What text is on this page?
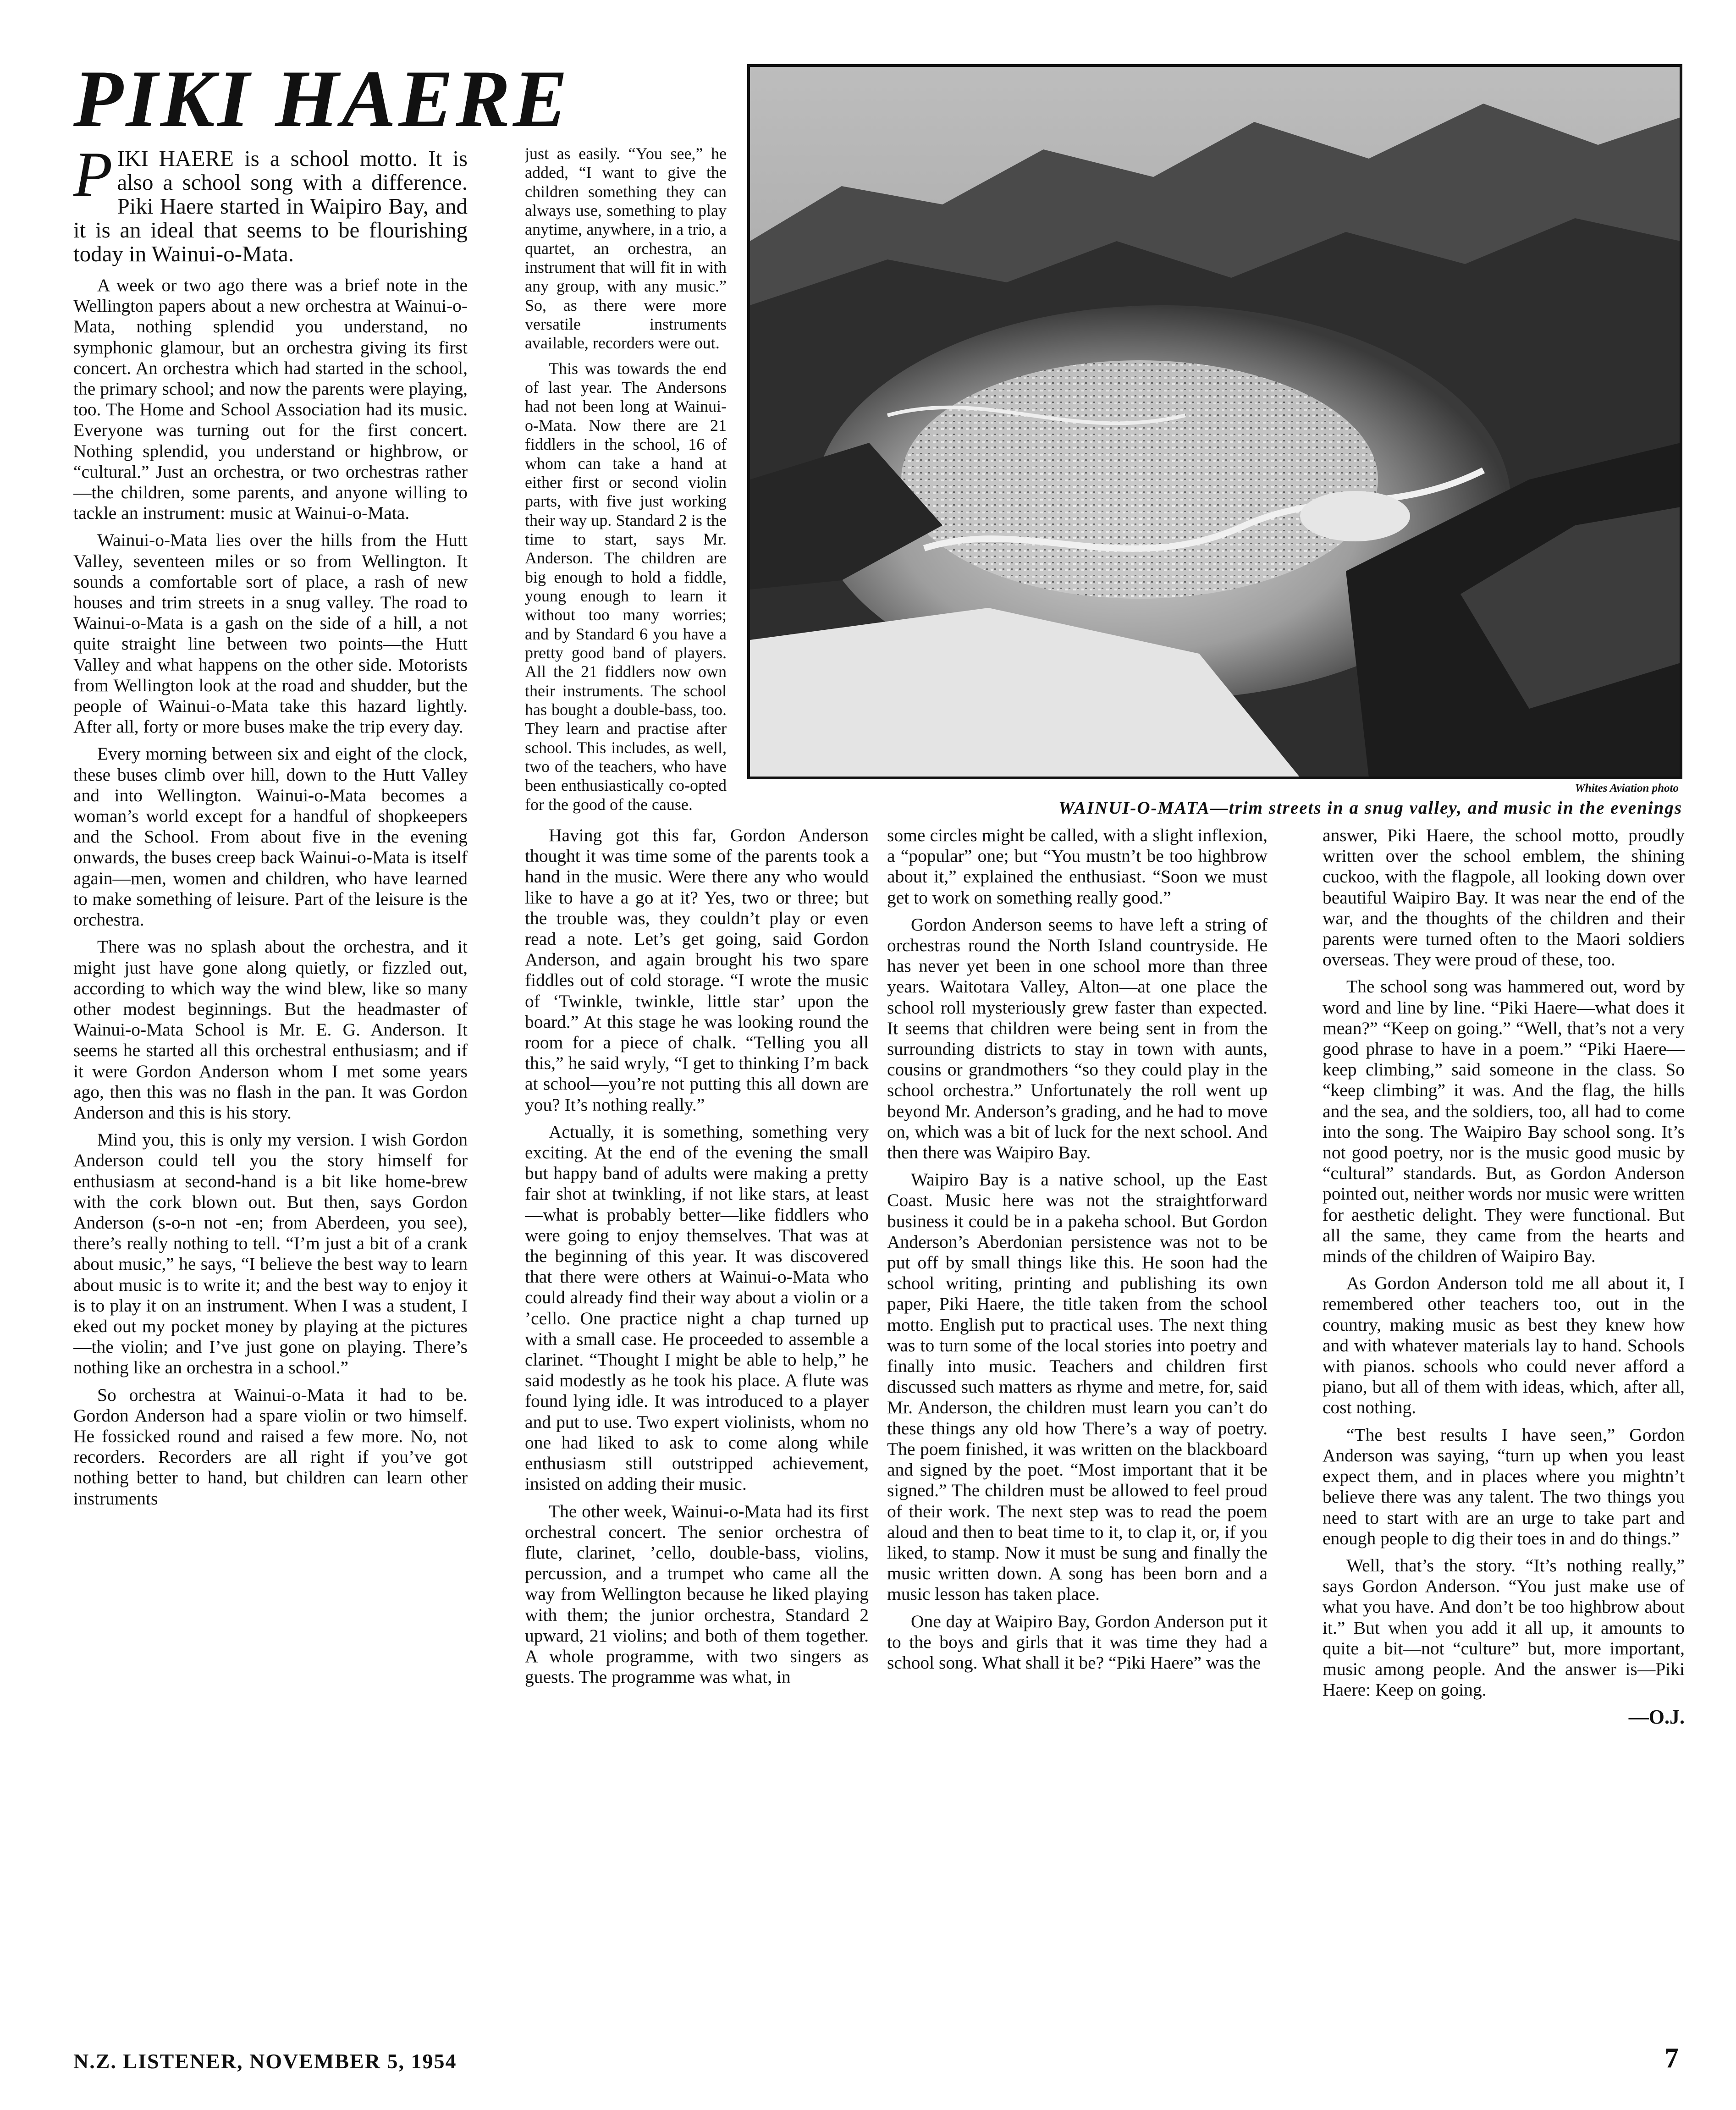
PIKI HAERE

PIKI HAERE is a school motto. It is also a school song with a difference. Piki Haere started in Waipiro Bay, and it is an ideal that seems to be flourishing today in Wainui-o-Mata.

A week or two ago there was a brief note in the Wellington papers about a new orchestra at Wainui-o-Mata, nothing splendid you understand, no symphonic glamour, but an orchestra giving its first concert. An orchestra which had started in the school, the primary school; and now the parents were playing, too. The Home and School Association had its music. Everyone was turning out for the first concert. Nothing splendid, you understand or highbrow, or “cultural.” Just an orchestra, or two orchestras rather—the children, some parents, and anyone willing to tackle an instrument: music at Wainui-o-Mata.

Wainui-o-Mata lies over the hills from the Hutt Valley, seventeen miles or so from Wellington. It sounds a comfortable sort of place, a rash of new houses and trim streets in a snug valley. The road to Wainui-o-Mata is a gash on the side of a hill, a not quite straight line between two points—the Hutt Valley and what happens on the other side. Motorists from Wellington look at the road and shudder, but the people of Wainui-o-Mata take this hazard lightly. After all, forty or more buses make the trip every day.

Every morning between six and eight of the clock, these buses climb over hill, down to the Hutt Valley and into Wellington. Wainui-o-Mata becomes a woman’s world except for a handful of shopkeepers and the School. From about five in the evening onwards, the buses creep back Wainui-o-Mata is itself again—men, women and children, who have learned to make something of leisure. Part of the leisure is the orchestra.

There was no splash about the orchestra, and it might just have gone along quietly, or fizzled out, according to which way the wind blew, like so many other modest beginnings. But the headmaster of Wainui-o-Mata School is Mr. E. G. Anderson. It seems he started all this orchestral enthusiasm; and if it were Gordon Anderson whom I met some years ago, then this was no flash in the pan. It was Gordon Anderson and this is his story.

Mind you, this is only my version. I wish Gordon Anderson could tell you the story himself for enthusiasm at second-hand is a bit like home-brew with the cork blown out. But then, says Gordon Anderson (s-o-n not -en; from Aberdeen, you see), there’s really nothing to tell. “I’m just a bit of a crank about music,” he says, “I believe the best way to learn about music is to write it; and the best way to enjoy it is to play it on an instrument. When I was a student, I eked out my pocket money by playing at the pictures—the violin; and I’ve just gone on playing. There’s nothing like an orchestra in a school.”

So orchestra at Wainui-o-Mata it had to be. Gordon Anderson had a spare violin or two himself. He fossicked round and raised a few more. No, not recorders. Recorders are all right if you’ve got nothing better to hand, but children can learn other instruments

just as easily. “You see,” he added, “I want to give the children something they can always use, something to play anytime, anywhere, in a trio, a quartet, an orchestra, an instrument that will fit in with any group, with any music.” So, as there were more versatile instruments available, recorders were out.

This was towards the end of last year. The Andersons had not been long at Wainui-o-Mata. Now there are 21 fiddlers in the school, 16 of whom can take a hand at either first or second violin parts, with five just working their way up. Standard 2 is the time to start, says Mr. Anderson. The children are big enough to hold a fiddle, young enough to learn it without too many worries; and by Standard 6 you have a pretty good band of players. All the 21 fiddlers now own their instruments. The school has bought a double-bass, too. They learn and practise after school. This includes, as well, two of the teachers, who have been enthusiastically co-opted for the good of the cause.

Having got this far, Gordon Anderson thought it was time some of the parents took a hand in the music. Were there any who would like to have a go at it? Yes, two or three; but the trouble was, they couldn’t play or even read a note. Let’s get going, said Gordon Anderson, and again brought his two spare fiddles out of cold storage. “I wrote the music of ‘Twinkle, twinkle, little star’ upon the board.” At this stage he was looking round the room for a piece of chalk. “Telling you all this,” he said wryly, “I get to thinking I’m back at school—you’re not putting this all down are you? It’s nothing really.”

Actually, it is something, something very exciting. At the end of the evening the small but happy band of adults were making a pretty fair shot at twinkling, if not like stars, at least—what is probably better—like fiddlers who were going to enjoy themselves. That was at the beginning of this year. It was discovered that there were others at Wainui-o-Mata who could already find their way about a violin or a ’cello. One practice night a chap turned up with a small case. He proceeded to assemble a clarinet. “Thought I might be able to help,” he said modestly as he took his place. A flute was found lying idle. It was introduced to a player and put to use. Two expert violinists, whom no one had liked to ask to come along while enthusiasm still outstripped achievement, insisted on adding their music.

The other week, Wainui-o-Mata had its first orchestral concert. The senior orchestra of flute, clarinet, ’cello, double-bass, violins, percussion, and a trumpet who came all the way from Wellington because he liked playing with them; the junior orchestra, Standard 2 upward, 21 violins; and both of them together. A whole programme, with two singers as guests. The programme was what, in

Whites Aviation photo
WAINUI-O-MATA—trim streets in a snug valley, and music in the evenings

some circles might be called, with a slight inflexion, a “popular” one; but “You mustn’t be too highbrow about it,” explained the enthusiast. “Soon we must get to work on something really good.”

Gordon Anderson seems to have left a string of orchestras round the North Island countryside. He has never yet been in one school more than three years. Waitotara Valley, Alton—at one place the school roll mysteriously grew faster than expected. It seems that children were being sent in from the surrounding districts to stay in town with aunts, cousins or grandmothers “so they could play in the school orchestra.” Unfortunately the roll went up beyond Mr. Anderson’s grading, and he had to move on, which was a bit of luck for the next school. And then there was Waipiro Bay.

Waipiro Bay is a native school, up the East Coast. Music here was not the straightforward business it could be in a pakeha school. But Gordon Anderson’s Aberdonian persistence was not to be put off by small things like this. He soon had the school writing, printing and publishing its own paper, Piki Haere, the title taken from the school motto. English put to practical uses. The next thing was to turn some of the local stories into poetry and finally into music. Teachers and children first discussed such matters as rhyme and metre, for, said Mr. Anderson, the children must learn you can’t do these things any old how There’s a way of poetry. The poem finished, it was written on the blackboard and signed by the poet. “Most important that it be signed.” The children must be allowed to feel proud of their work. The next step was to read the poem aloud and then to beat time to it, to clap it, or, if you liked, to stamp. Now it must be sung and finally the music written down. A song has been born and a music lesson has taken place.

One day at Waipiro Bay, Gordon Anderson put it to the boys and girls that it was time they had a school song. What shall it be? “Piki Haere” was the

answer, Piki Haere, the school motto, proudly written over the school emblem, the shining cuckoo, with the flagpole, all looking down over beautiful Waipiro Bay. It was near the end of the war, and the thoughts of the children and their parents were turned often to the Maori soldiers overseas. They were proud of these, too.

The school song was hammered out, word by word and line by line. “Piki Haere—what does it mean?” “Keep on going.” “Well, that’s not a very good phrase to have in a poem.” “Piki Haere—keep climbing,” said someone in the class. So “keep climbing” it was. And the flag, the hills and the sea, and the soldiers, too, all had to come into the song. The Waipiro Bay school song. It’s not good poetry, nor is the music good music by “cultural” standards. But, as Gordon Anderson pointed out, neither words nor music were written for aesthetic delight. They were functional. But all the same, they came from the hearts and minds of the children of Waipiro Bay.

As Gordon Anderson told me all about it, I remembered other teachers too, out in the country, making music as best they knew how and with whatever materials lay to hand. Schools with pianos. schools who could never afford a piano, but all of them with ideas, which, after all, cost nothing.

“The best results I have seen,” Gordon Anderson was saying, “turn up when you least expect them, and in places where you mightn’t believe there was any talent. The two things you need to start with are an urge to take part and enough people to dig their toes in and do things.”

Well, that’s the story. “It’s nothing really,” says Gordon Anderson. “You just make use of what you have. And don’t be too highbrow about it.” But when you add it all up, it amounts to quite a bit—not “culture” but, more important, music among people. And the answer is—Piki Haere: Keep on going.

—O.J.
N.Z. LISTENER, NOVEMBER 5, 1954	7
